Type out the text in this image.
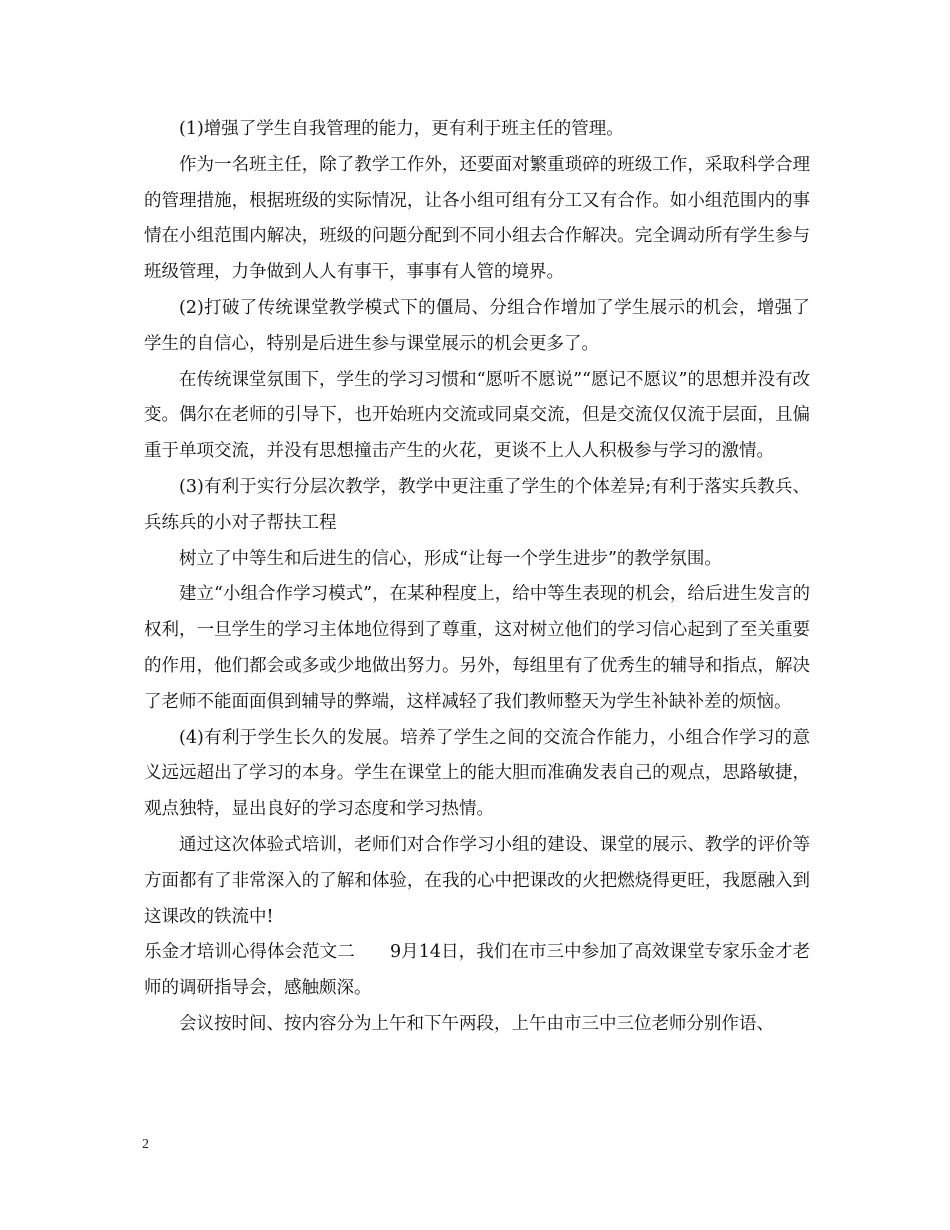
(1)增强了学生自我管理的能力，更有利于班主任的管理。

作为一名班主任，除了教学工作外，还要面对繁重琐碎的班级工作，采取科学合理的管理措施，根据班级的实际情况，让各小组可组有分工又有合作。如小组范围内的事情在小组范围内解决，班级的问题分配到不同小组去合作解决。完全调动所有学生参与班级管理，力争做到人人有事干，事事有人管的境界。

(2)打破了传统课堂教学模式下的僵局、分组合作增加了学生展示的机会，增强了学生的自信心，特别是后进生参与课堂展示的机会更多了。

在传统课堂氛围下，学生的学习习惯和“愿听不愿说”“愿记不愿议”的思想并没有改变。偶尔在老师的引导下，也开始班内交流或同桌交流，但是交流仅仅流于层面，且偏重于单项交流，并没有思想撞击产生的火花，更谈不上人人积极参与学习的激情。

(3)有利于实行分层次教学，教学中更注重了学生的个体差异;有利于落实兵教兵、兵练兵的小对子帮扶工程

树立了中等生和后进生的信心，形成“让每一个学生进步”的教学氛围。

建立“小组合作学习模式”，在某种程度上，给中等生表现的机会，给后进生发言的权利，一旦学生的学习主体地位得到了尊重，这对树立他们的学习信心起到了至关重要的作用，他们都会或多或少地做出努力。另外，每组里有了优秀生的辅导和指点，解决了老师不能面面俱到辅导的弊端，这样减轻了我们教师整天为学生补缺补差的烦恼。

(4)有利于学生长久的发展。培养了学生之间的交流合作能力，小组合作学习的意义远远超出了学习的本身。学生在课堂上的能大胆而准确发表自己的观点，思路敏捷，观点独特，显出良好的学习态度和学习热情。

通过这次体验式培训，老师们对合作学习小组的建设、课堂的展示、教学的评价等方面都有了非常深入的了解和体验，在我的心中把课改的火把燃烧得更旺，我愿融入到这课改的铁流中!

乐金才培训心得体会范文二　　9月14日，我们在市三中参加了高效课堂专家乐金才老师的调研指导会，感触颇深。

会议按时间、按内容分为上午和下午两段，上午由市三中三位老师分别作语、

2
